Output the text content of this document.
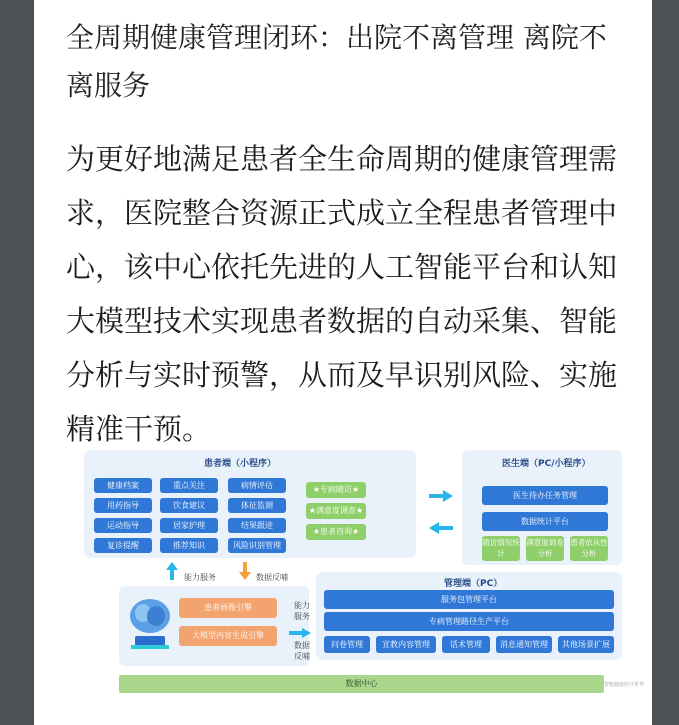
全周期健康管理闭环：出院不离管理 离院不离服务

为更好地满足患者全生命周期的健康管理需求，医院整合资源正式成立全程患者管理中心，该中心依托先进的人工智能平台和认知大模型技术实现患者数据的自动采集、智能分析与实时预警，从而及早识别风险、实施精准干预。

患者端（小程序）
健康档案	重点关注	病情评估
用药指导	饮食建议	体征监测
运动指导	居家护理	结果跟进
复诊提醒	推荐知识	风险识别管理
★专病随访★
★满意度调查★
★患者咨询★
医生端（PC/小程序）
医生待办任务管理
数据统计平台
随访情况统计
满意度调查分析
患者依从性分析
能力服务	数据反哺
患者画像引擎
大模型内容生成引擎
能力服务
数据反哺
管理端（PC）
服务包管理平台
专病管理路径生产平台
问卷管理	宣教内容管理	话术管理	消息通知管理	其他场景扩展
数据中心	智能健康医疗世界
